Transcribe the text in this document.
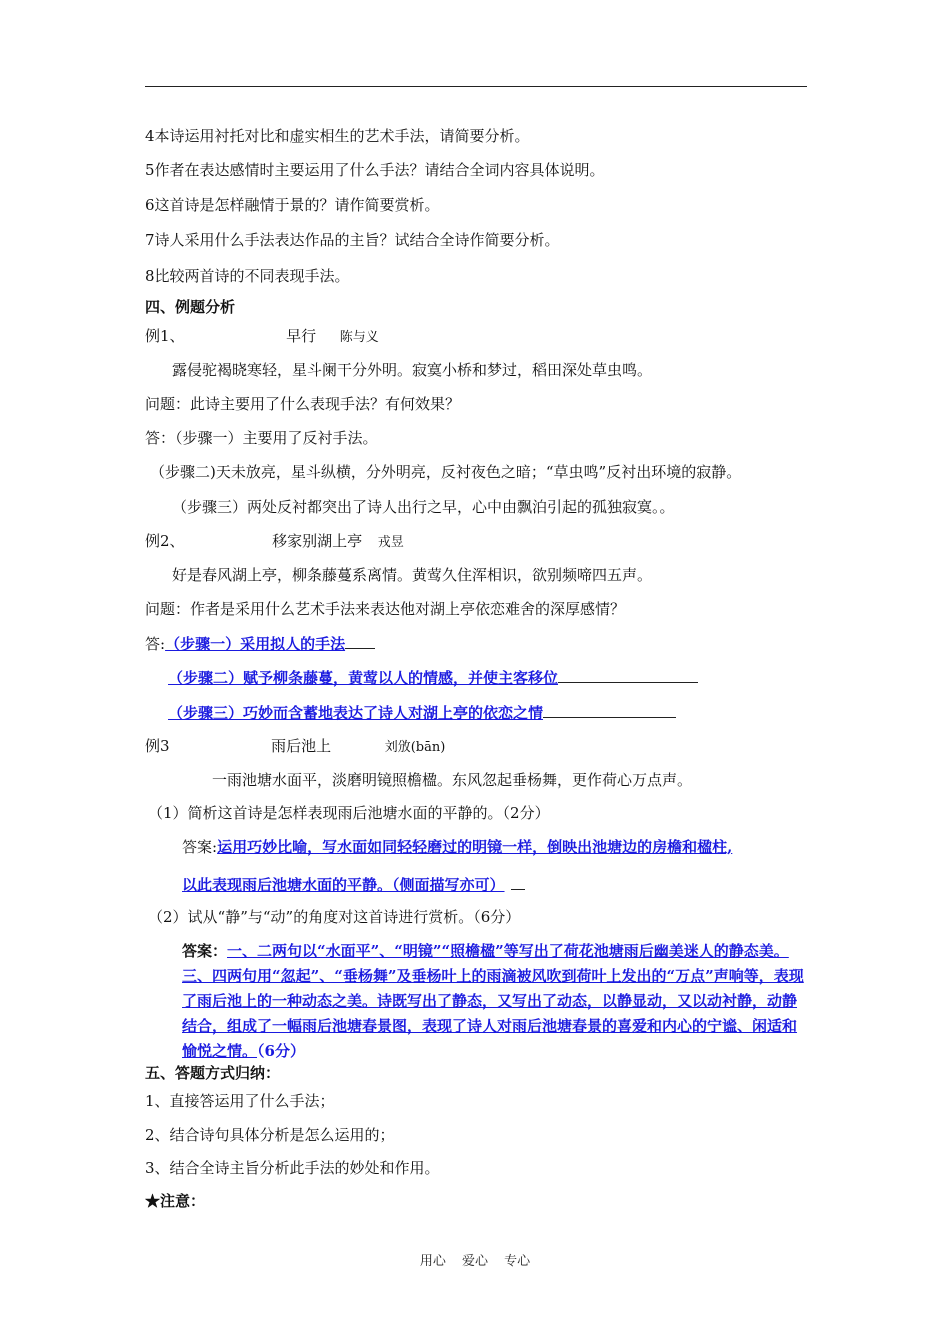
4本诗运用衬托对比和虚实相生的艺术手法，请简要分析。
5作者在表达感情时主要运用了什么手法？请结合全词内容具体说明。
6这首诗是怎样融情于景的？请作简要赏析。
7诗人采用什么手法表达作品的主旨？试结合全诗作简要分析。
8比较两首诗的不同表现手法。
四、例题分析
例1、	早行 陈与义
露侵驼褐晓寒轻，星斗阑干分外明。寂寞小桥和梦过，稻田深处草虫鸣。
问题：此诗主要用了什么表现手法？有何效果？
答：（步骤一）主要用了反衬手法。
（步骤二)天未放亮，星斗纵横，分外明亮，反衬夜色之暗；“草虫鸣”反衬出环境的寂静。
（步骤三）两处反衬都突出了诗人出行之早，心中由飘泊引起的孤独寂寞。。
例2、	移家别湖上亭 戎昱
好是春风湖上亭，柳条藤蔓系离情。黄莺久住浑相识，欲别频啼四五声。
问题：作者是采用什么艺术手法来表达他对湖上亭依恋难舍的深厚感情？
答:（步骤一）采用拟人的手法
（步骤二）赋予柳条藤蔓，黄莺以人的情感，并使主客移位
（步骤三）巧妙而含蓄地表达了诗人对湖上亭的依恋之情
例3	雨后池上	刘攽(bān)
一雨池塘水面平，淡磨明镜照檐楹。东风忽起垂杨舞，更作荷心万点声。
（1）简析这首诗是怎样表现雨后池塘水面的平静的。（2分）
答案:运用巧妙比喻，写水面如同轻轻磨过的明镜一样，倒映出池塘边的房檐和楹柱,
以此表现雨后池塘水面的平静。（侧面描写亦可）
（2）试从“静”与“动”的角度对这首诗进行赏析。（6分）
答案：一、二两句以“水面平”、“明镜”“照檐楹”等写出了荷花池塘雨后幽美迷人的静态美。三、四两句用“忽起”、“垂杨舞”及垂杨叶上的雨滴被风吹到荷叶上发出的“万点”声响等，表现了雨后池上的一种动态之美。诗既写出了静态，又写出了动态，以静显动，又以动衬静，动静结合，组成了一幅雨后池塘春景图，表现了诗人对雨后池塘春景的喜爱和内心的宁谧、闲适和愉悦之情。（6分）
五、答题方式归纳：
1、直接答运用了什么手法；
2、结合诗句具体分析是怎么运用的；
3、结合全诗主旨分析此手法的妙处和作用。
★注意：
用心 爱心 专心
